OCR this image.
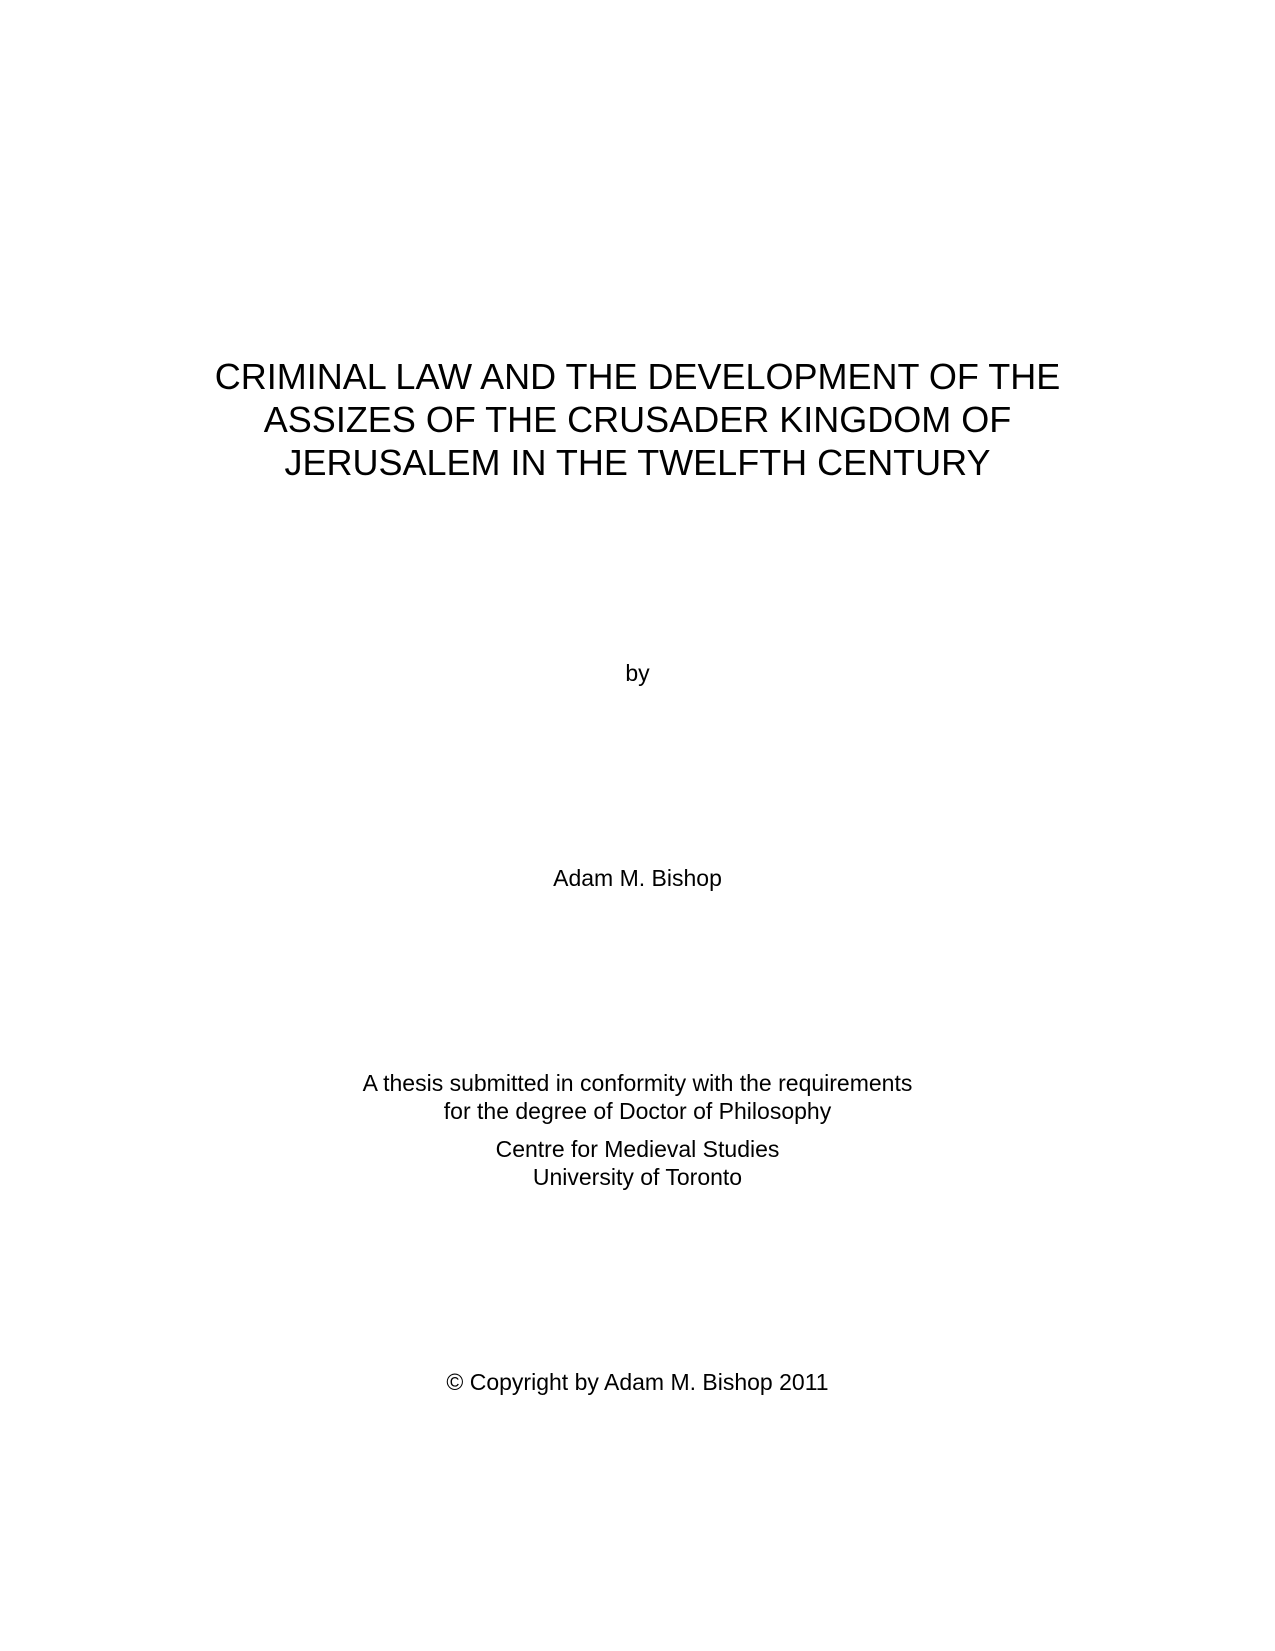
CRIMINAL LAW AND THE DEVELOPMENT OF THE

ASSIZES OF THE CRUSADER KINGDOM OF

JERUSALEM IN THE TWELFTH CENTURY

by

Adam M. Bishop

A thesis submitted in conformity with the requirements

for the degree of Doctor of Philosophy

Centre for Medieval Studies

University of Toronto

© Copyright by Adam M. Bishop 2011
